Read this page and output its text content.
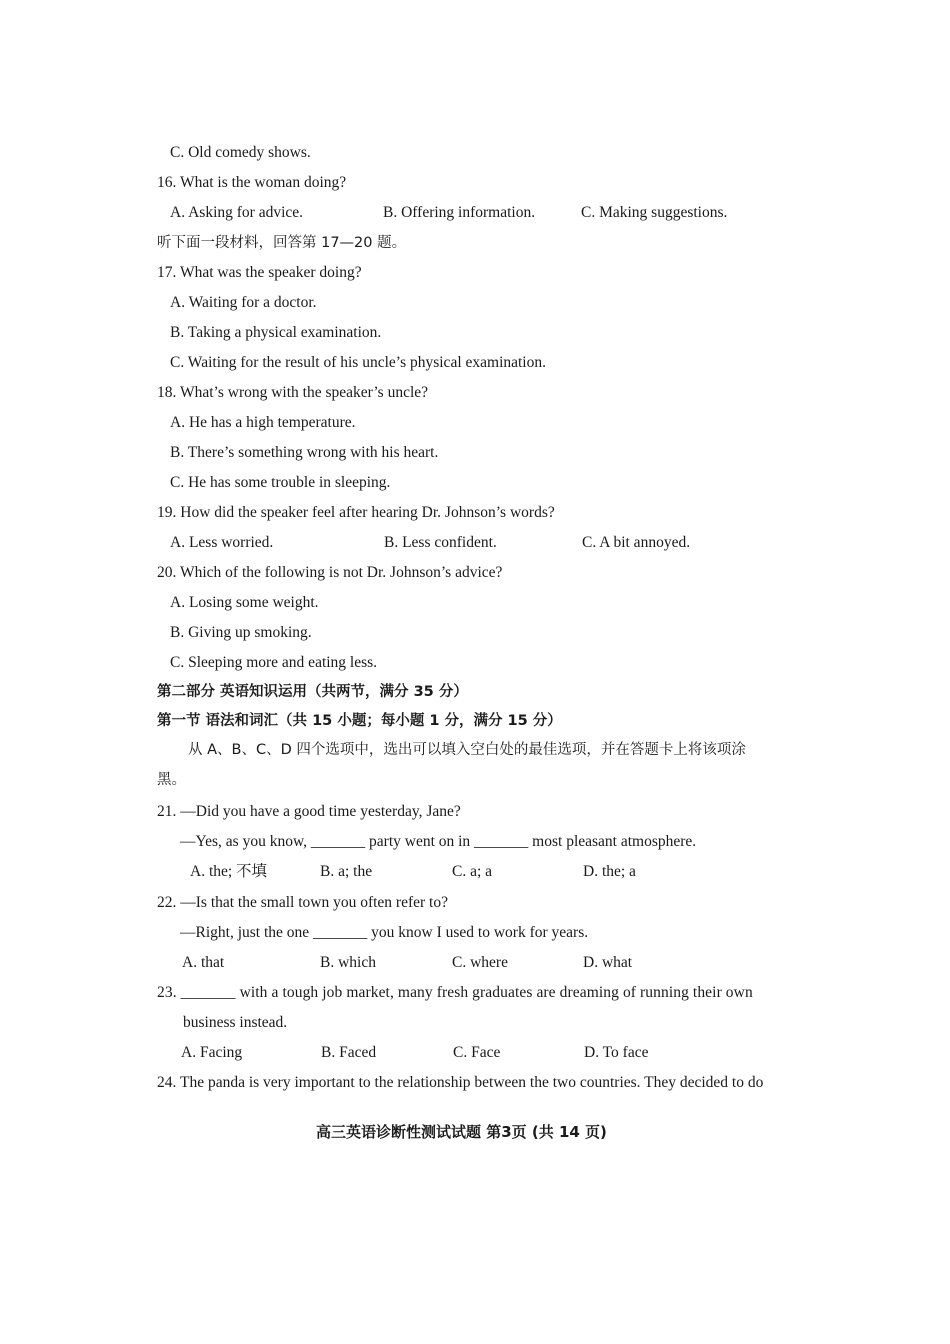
C. Old comedy shows.
16. What is the woman doing?
A. Asking for advice.	B. Offering information.	C. Making suggestions.
听下面一段材料，回答第 17—20 题。
17. What was the speaker doing?
A. Waiting for a doctor.
B. Taking a physical examination.
C. Waiting for the result of his uncle’s physical examination.
18. What’s wrong with the speaker’s uncle?
A. He has a high temperature.
B. There’s something wrong with his heart.
C. He has some trouble in sleeping.
19. How did the speaker feel after hearing Dr. Johnson’s words?
A. Less worried.	B. Less confident.	C. A bit annoyed.
20. Which of the following is not Dr. Johnson’s advice?
A. Losing some weight.
B. Giving up smoking.
C. Sleeping more and eating less.
第二部分 英语知识运用（共两节，满分 35 分）
第一节 语法和词汇（共 15 小题；每小题 1 分，满分 15 分）
从 A、B、C、D 四个选项中，选出可以填入空白处的最佳选项，并在答题卡上将该项涂
黑。
21. —Did you have a good time yesterday, Jane?
—Yes, as you know, _______ party went on in _______ most pleasant atmosphere.
A. the; 不填	B. a; the	C. a; a	D. the; a
22. —Is that the small town you often refer to?
—Right, just the one _______ you know I used to work for years.
A. that	B. which	C. where	D. what
23. _______ with a tough job market, many fresh graduates are dreaming of running their own
business instead.
A. Facing	B. Faced	C. Face	D. To face
24. The panda is very important to the relationship between the two countries. They decided to do
高三英语诊断性测试试题 第3页 (共 14 页)
